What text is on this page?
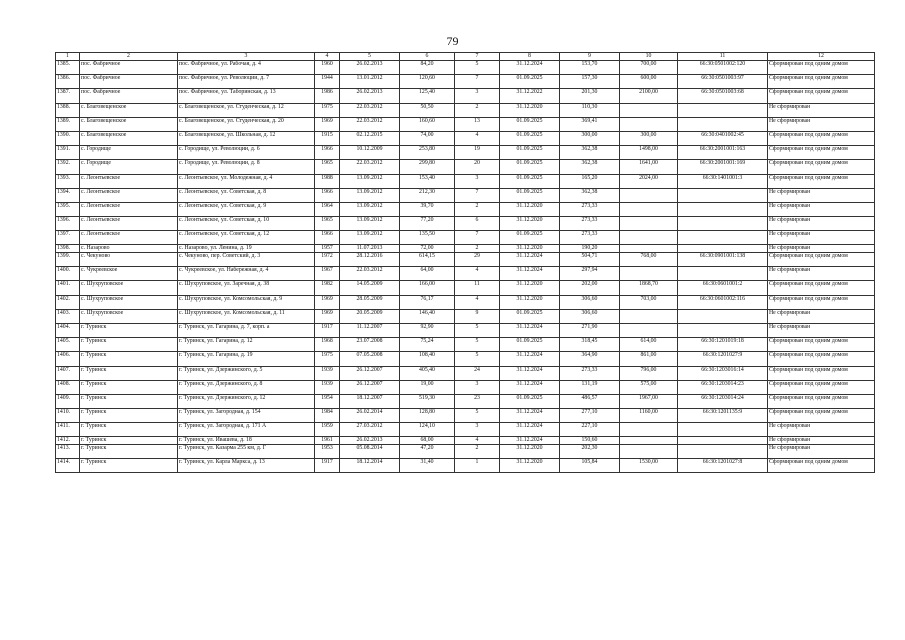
79
1	2	3	4	5	6	7	8	9	10	11	12
1385.	пос. Фабричное	пос. Фабричное, ул. Рабочая, д. 4	1960	26.02.2013	84,20	5	31.12.2024	153,70	700,00	66:30:0501002:120	Сформирован под одним домом
1386.	пос. Фабричное	пос. Фабричное, ул. Революции, д. 7	1944	13.01.2012	120,60	7	01.09.2025	157,30	600,00	66:30:0501003:97	Сформирован под одним домом
1387.	пос. Фабричное	пос. Фабричное, ул. Таборинская, д. 13	1986	26.02.2013	125,40	3	31.12.2022	201,30	2100,00	66:30:0501003:68	Сформирован под одним домом
1388.	с. Благовещенское	с. Благовещенское, ул. Студенческая, д. 12	1975	22.03.2012	50,50	2	31.12.2020	110,30			Не сформирован
1389.	с. Благовещенское	с. Благовещенское, ул. Студенческая, д. 20	1969	22.03.2012	160,60	13	01.09.2025	369,41			Не сформирован
1390.	с. Благовещенское	с. Благовещенское, ул. Школьная, д. 12	1915	02.12.2015	74,00	4	01.09.2025	300,00	300,00	66:30:0401002:45	Сформирован под одним домом
1391.	с. Городище	с. Городище, ул. Революции, д. 6	1966	10.12.2009	253,80	19	01.09.2025	362,38	1498,00	66:30:2001001:163	Сформирован под одним домом
1392.	с. Городище	с. Городище, ул. Революции, д. 8	1965	22.03.2012	299,80	20	01.09.2025	362,38	1641,00	66:30:2001001:169	Сформирован под одним домом
1393.	с. Леонтьевское	с. Леонтьевское, ул. Молодежная, д. 4	1988	13.09.2012	153,40	3	01.09.2025	165,20	2024,00	66:30:1401001:3	Сформирован под одним домом
1394.	с. Леонтьевское	с. Леонтьевское, ул. Советская, д. 8	1966	13.09.2012	212,30	7	01.09.2025	362,38			Не сформирован
1395.	с. Леонтьевское	с. Леонтьевское, ул. Советская, д. 9	1964	13.09.2012	39,70	2	31.12.2020	273,33			Не сформирован
1396.	с. Леонтьевское	с. Леонтьевское, ул. Советская, д. 10	1965	13.09.2012	77,20	6	31.12.2020	273,33			Не сформирован
1397.	с. Леонтьевское	с. Леонтьевское, ул. Советская, д. 12	1966	13.09.2012	135,50	7	01.09.2025	273,33			Не сформирован
1398.	с. Назарово	с. Назарово, ул. Ленина, д. 19	1957	11.07.2013	72,00	2	31.12.2020	190,20			Не сформирован
1399.	с. Чекуново	с. Чекуново, пер. Советский, д. 3	1972	28.12.2016	614,15	29	31.12.2024	504,71	768,00	66:30:0901001:138	Сформирован под одним домом
1400.	с. Чукреевское	с. Чукреевское, ул. Набережная, д. 4	1967	22.03.2012	64,00	4	31.12.2024	297,94			Не сформирован
1401.	с. Шухруповское	с. Шухруповское, ул. Заречная, д. 38	1982	14.05.2009	166,00	11	31.12.2020	202,00	1868,70	66:30:0601001:2	Сформирован под одним домом
1402.	с. Шухруповское	с. Шухруповское, ул. Комсомольская, д. 9	1969	28.05.2009	76,17	4	31.12.2020	306,60	703,00	66:30:0601002:116	Сформирован под одним домом
1403.	с. Шухруповское	с. Шухруповское, ул. Комсомольская, д. 11	1969	20.05.2009	146,40	9	01.09.2025	306,60			Не сформирован
1404.	г. Туринск	г. Туринск, ул. Гагарина, д. 7, корп. a	1917	11.12.2007	92,90	5	31.12.2024	271,90			Не сформирован
1405.	г. Туринск	г. Туринск, ул. Гагарина, д. 12	1968	23.07.2008	75,24	5	01.09.2025	318,45	614,00	66:30:1201019:18	Сформирован под одним домом
1406.	г. Туринск	г. Туринск, ул. Гагарина, д. 19	1975	07.05.2008	108,40	5	31.12.2024	364,90	861,00	66:30:1201027:9	Сформирован под одним домом
1407.	г. Туринск	г. Туринск, ул. Дзержинского, д. 5	1939	26.12.2007	405,40	24	31.12.2024	273,33	796,00	66:30:1203016:14	Сформирован под одним домом
1408.	г. Туринск	г. Туринск, ул. Дзержинского, д. 8	1939	26.12.2007	19,00	3	31.12.2024	131,19	575,00	66:30:1203014:23	Сформирован под одним домом
1409.	г. Туринск	г. Туринск, ул. Дзержинского, д. 12	1954	18.12.2007	519,30	23	01.09.2025	486,57	1967,00	66:30:1203014:24	Сформирован под одним домом
1410.	г. Туринск	г. Туринск, ул. Загородная, д. 154	1984	26.02.2014	128,80	5	31.12.2024	277,10	1160,00	66:30:1201135:9	Сформирован под одним домом
1411.	г. Туринск	г. Туринск, ул. Загородная, д. 171 А	1959	27.03.2012	124,10	3	31.12.2024	227,10			Не сформирован
1412.	г. Туринск	г. Туринск, ул. Ивашева, д. 18	1961	26.02.2013	68,00	4	31.12.2024	150,60			Не сформирован
1413.	г. Туринск	г. Туринск, ул. Казарма 255 км, д. Г	1953	05.08.2014	47,20	2	31.12.2020	202,30			Не сформирован
1414.	г. Туринск	г. Туринск, ул. Карла Маркса, д. 13	1917	18.12.2014	31,40	1	31.12.2020	105,84	1530,00	66:30:1201027:8	Сформирован под одним домом
